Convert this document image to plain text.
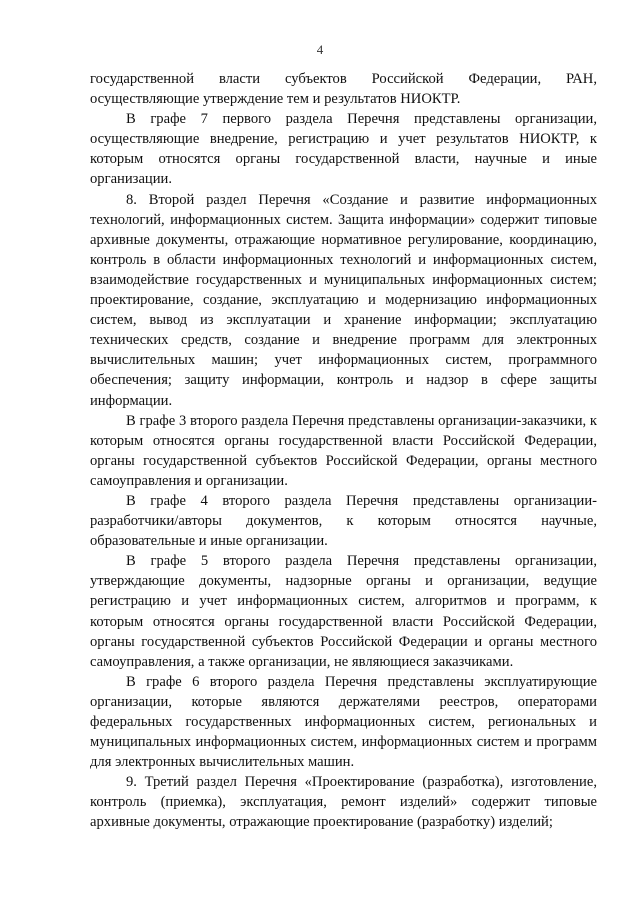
4

государственной власти субъектов Российской Федерации, РАН, осуществляющие утверждение тем и результатов НИОКТР.

В графе 7 первого раздела Перечня представлены организации, осуществляющие внедрение, регистрацию и учет результатов НИОКТР, к которым относятся органы государственной власти, научные и иные организации.

8. Второй раздел Перечня «Создание и развитие информационных технологий, информационных систем. Защита информации» содержит типовые архивные документы, отражающие нормативное регулирование, координацию, контроль в области информационных технологий и информационных систем, взаимодействие государственных и муниципальных информационных систем; проектирование, создание, эксплуатацию и модернизацию информационных систем, вывод из эксплуатации и хранение информации; эксплуатацию технических средств, создание и внедрение программ для электронных вычислительных машин; учет информационных систем, программного обеспечения; защиту информации, контроль и надзор в сфере защиты информации.

В графе 3 второго раздела Перечня представлены организации-заказчики, к которым относятся органы государственной власти Российской Федерации, органы государственной субъектов Российской Федерации, органы местного самоуправления и организации.

В графе 4 второго раздела Перечня представлены организации-разработчики/авторы документов, к которым относятся научные, образовательные и иные организации.

В графе 5 второго раздела Перечня представлены организации, утверждающие документы, надзорные органы и организации, ведущие регистрацию и учет информационных систем, алгоритмов и программ, к которым относятся органы государственной власти Российской Федерации, органы государственной субъектов Российской Федерации и органы местного самоуправления, а также организации, не являющиеся заказчиками.

В графе 6 второго раздела Перечня представлены эксплуатирующие организации, которые являются держателями реестров, операторами федеральных государственных информационных систем, региональных и муниципальных информационных систем, информационных систем и программ для электронных вычислительных машин.

9. Третий раздел Перечня «Проектирование (разработка), изготовление, контроль (приемка), эксплуатация, ремонт изделий» содержит типовые архивные документы, отражающие проектирование (разработку) изделий;
